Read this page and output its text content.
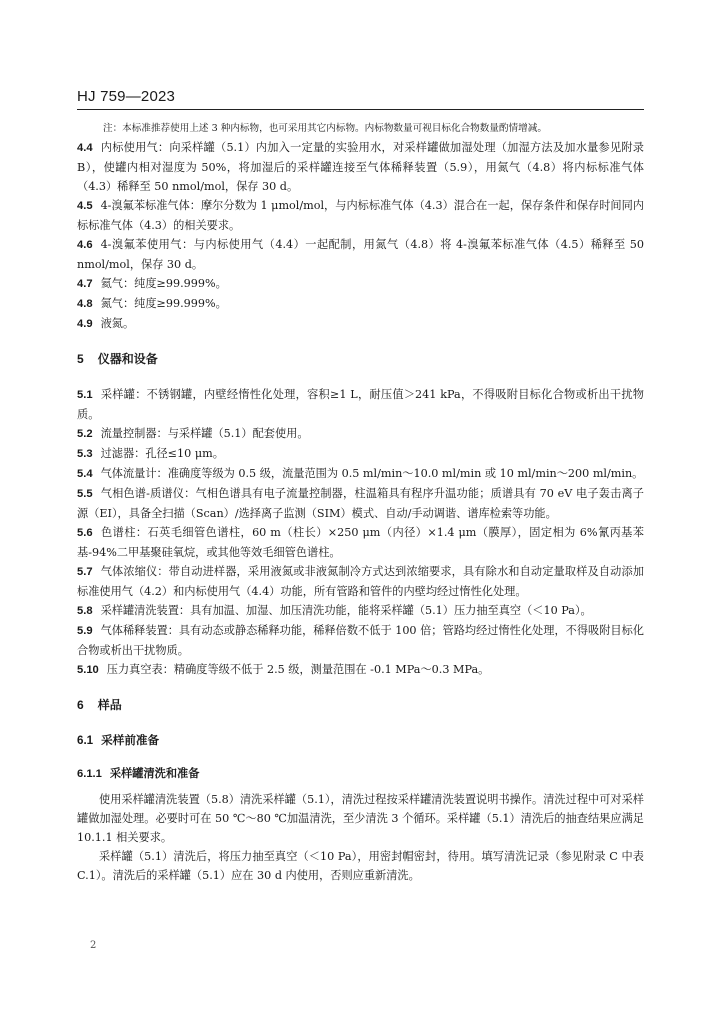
HJ 759—2023
注：本标准推荐使用上述 3 种内标物，也可采用其它内标物。内标物数量可视目标化合物数量酌情增减。

4.4 内标使用气：向采样罐（5.1）内加入一定量的实验用水，对采样罐做加湿处理（加湿方法及加水量参见附录 B），使罐内相对湿度为 50%，将加湿后的采样罐连接至气体稀释装置（5.9），用氮气（4.8）将内标标准气体（4.3）稀释至 50 nmol/mol，保存 30 d。

4.5 4-溴氟苯标准气体：摩尔分数为 1 μmol/mol，与内标标准气体（4.3）混合在一起，保存条件和保存时间同内标标准气体（4.3）的相关要求。

4.6 4-溴氟苯使用气：与内标使用气（4.4）一起配制，用氮气（4.8）将 4-溴氟苯标准气体（4.5）稀释至 50 nmol/mol，保存 30 d。

4.7 氦气：纯度≥99.999%。

4.8 氮气：纯度≥99.999%。

4.9 液氮。

5 仪器和设备

5.1 采样罐：不锈钢罐，内壁经惰性化处理，容积≥1 L，耐压值＞241 kPa，不得吸附目标化合物或析出干扰物质。

5.2 流量控制器：与采样罐（5.1）配套使用。

5.3 过滤器：孔径≤10 μm。

5.4 气体流量计：准确度等级为 0.5 级，流量范围为 0.5 ml/min～10.0 ml/min 或 10 ml/min～200 ml/min。

5.5 气相色谱-质谱仪：气相色谱具有电子流量控制器，柱温箱具有程序升温功能；质谱具有 70 eV 电子轰击离子源（EI），具备全扫描（Scan）/选择离子监测（SIM）模式、自动/手动调谐、谱库检索等功能。

5.6 色谱柱：石英毛细管色谱柱，60 m（柱长）×250 μm（内径）×1.4 μm（膜厚），固定相为 6%氰丙基苯基-94%二甲基聚硅氧烷，或其他等效毛细管色谱柱。

5.7 气体浓缩仪：带自动进样器，采用液氮或非液氮制冷方式达到浓缩要求，具有除水和自动定量取样及自动添加标准使用气（4.2）和内标使用气（4.4）功能，所有管路和管件的内壁均经过惰性化处理。

5.8 采样罐清洗装置：具有加温、加湿、加压清洗功能，能将采样罐（5.1）压力抽至真空（＜10 Pa）。

5.9 气体稀释装置：具有动态或静态稀释功能，稀释倍数不低于 100 倍；管路均经过惰性化处理，不得吸附目标化合物或析出干扰物质。

5.10 压力真空表：精确度等级不低于 2.5 级，测量范围在 -0.1 MPa～0.3 MPa。

6 样品
6.1 采样前准备
6.1.1 采样罐清洗和准备

使用采样罐清洗装置（5.8）清洗采样罐（5.1），清洗过程按采样罐清洗装置说明书操作。清洗过程中可对采样罐做加湿处理。必要时可在 50 ℃～80 ℃加温清洗，至少清洗 3 个循环。采样罐（5.1）清洗后的抽查结果应满足 10.1.1 相关要求。

采样罐（5.1）清洗后，将压力抽至真空（＜10 Pa），用密封帽密封，待用。填写清洗记录（参见附录 C 中表 C.1）。清洗后的采样罐（5.1）应在 30 d 内使用，否则应重新清洗。

2
